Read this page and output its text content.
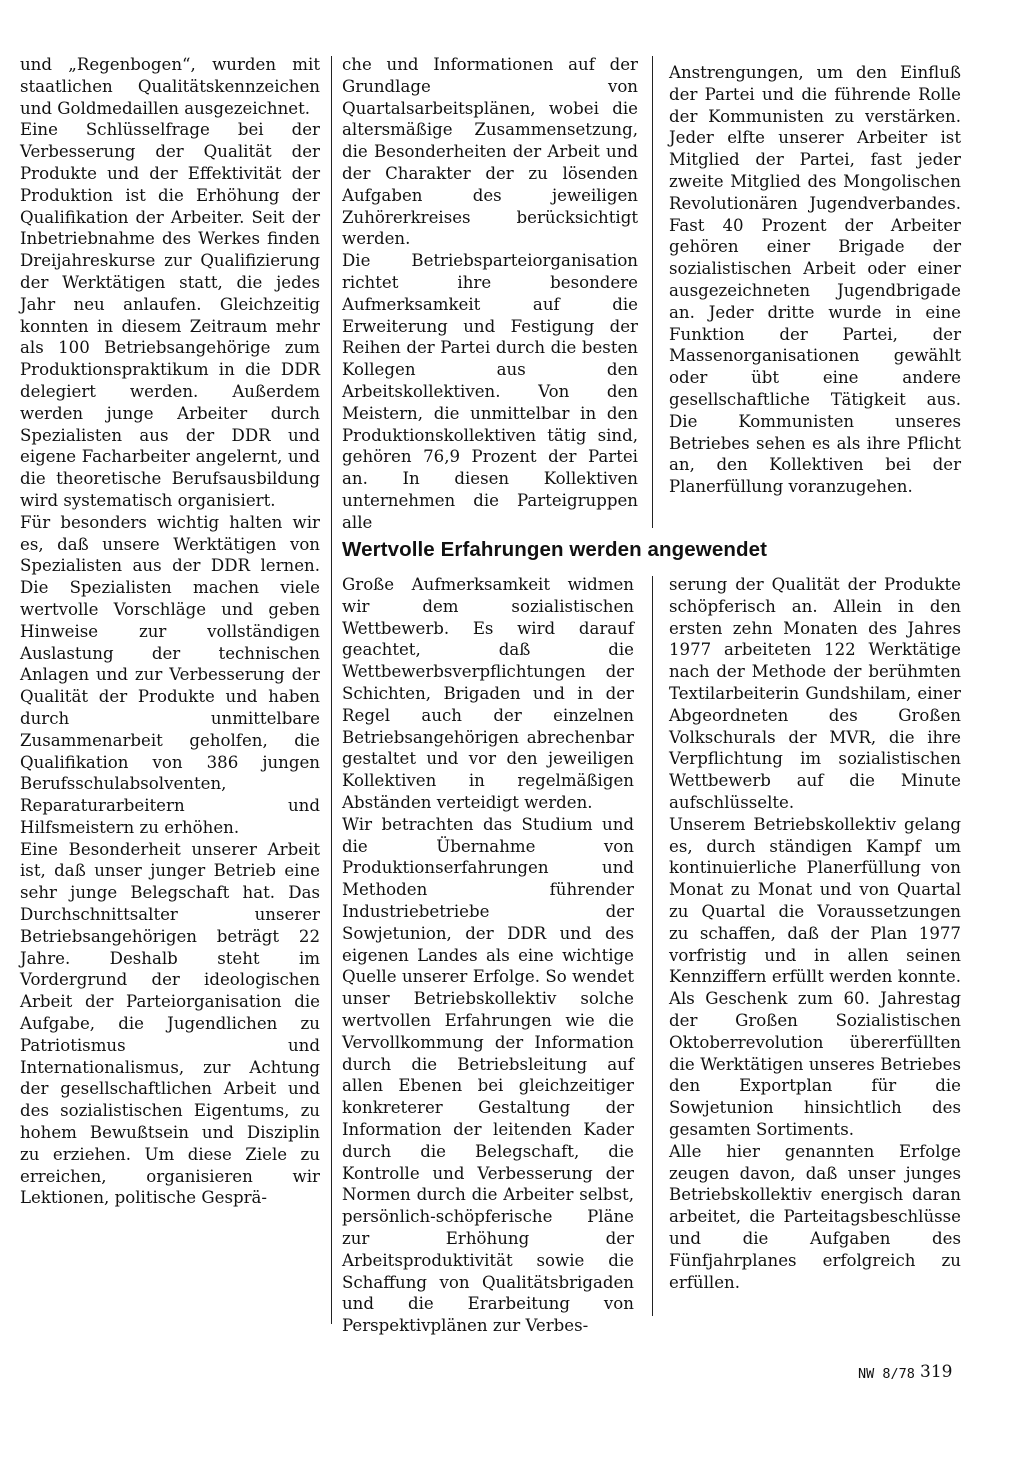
und „Regenbogen“, wurden mit staatlichen Qualitätskennzeichen und Goldmedaillen ausgezeichnet.

Eine Schlüsselfrage bei der Verbesserung der Qualität der Produkte und der Effektivität der Produktion ist die Erhöhung der Qualifikation der Arbeiter. Seit der Inbetriebnahme des Werkes finden Dreijahreskurse zur Qualifizierung der Werktätigen statt, die jedes Jahr neu anlaufen. Gleichzeitig konnten in diesem Zeitraum mehr als 100 Betriebsangehörige zum Produktionspraktikum in die DDR delegiert werden. Außerdem werden junge Arbeiter durch Spezialisten aus der DDR und eigene Facharbeiter angelernt, und die theoretische Berufsausbildung wird systematisch organisiert.

Für besonders wichtig halten wir es, daß unsere Werktätigen von Spezialisten aus der DDR lernen. Die Spezialisten machen viele wertvolle Vorschläge und geben Hinweise zur vollständigen Auslastung der technischen Anlagen und zur Verbesserung der Qualität der Produkte und haben durch unmittelbare Zusammenarbeit geholfen, die Qualifikation von 386 jungen Berufsschulabsolventen, Reparaturarbeitern und Hilfsmeistern zu erhöhen.

Eine Besonderheit unserer Arbeit ist, daß unser junger Betrieb eine sehr junge Belegschaft hat. Das Durchschnittsalter unserer Betriebsangehörigen beträgt 22 Jahre. Deshalb steht im Vordergrund der ideologischen Arbeit der Parteiorganisation die Aufgabe, die Jugendlichen zu Patriotismus und Internationalismus, zur Achtung der gesellschaftlichen Arbeit und des sozialistischen Eigentums, zu hohem Bewußtsein und Disziplin zu erziehen. Um diese Ziele zu erreichen, organisieren wir Lektionen, politische Gesprä-

che und Informationen auf der Grundlage von Quartalsarbeitsplänen, wobei die altersmäßige Zusammensetzung, die Besonderheiten der Arbeit und der Charakter der zu lösenden Aufgaben des jeweiligen Zuhörerkreises berücksichtigt werden.

Die Betriebsparteiorganisation richtet ihre besondere Aufmerksamkeit auf die Erweiterung und Festigung der Reihen der Partei durch die besten Kollegen aus den Arbeitskollektiven. Von den Meistern, die unmittelbar in den Produktionskollektiven tätig sind, gehören 76,9 Prozent der Partei an. In diesen Kollektiven unternehmen die Parteigruppen alle

Anstrengungen, um den Einfluß der Partei und die führende Rolle der Kommunisten zu verstärken. Jeder elfte unserer Arbeiter ist Mitglied der Partei, fast jeder zweite Mitglied des Mongolischen Revolutionären Jugendverbandes. Fast 40 Prozent der Arbeiter gehören einer Brigade der sozialistischen Arbeit oder einer ausgezeichneten Jugendbrigade an. Jeder dritte wurde in eine Funktion der Partei, der Massenorganisationen gewählt oder übt eine andere gesellschaftliche Tätigkeit aus. Die Kommunisten unseres Betriebes sehen es als ihre Pflicht an, den Kollektiven bei der Planerfüllung voranzugehen.

Wertvolle Erfahrungen werden angewendet

Große Aufmerksamkeit widmen wir dem sozialistischen Wettbewerb. Es wird darauf geachtet, daß die Wettbewerbsverpflichtungen der Schichten, Brigaden und in der Regel auch der einzelnen Betriebsangehörigen abrechenbar gestaltet und vor den jeweiligen Kollektiven in regelmäßigen Abständen verteidigt werden.

Wir betrachten das Studium und die Übernahme von Produktionserfahrungen und Methoden führender Industriebetriebe der Sowjetunion, der DDR und des eigenen Landes als eine wichtige Quelle unserer Erfolge. So wendet unser Betriebskollektiv solche wertvollen Erfahrungen wie die Vervollkommung der Information durch die Betriebsleitung auf allen Ebenen bei gleichzeitiger konkreterer Gestaltung der Information der leitenden Kader durch die Belegschaft, die Kontrolle und Verbesserung der Normen durch die Arbeiter selbst, persönlich-schöpferische Pläne zur Erhöhung der Arbeitsproduktivität sowie die Schaffung von Qualitätsbrigaden und die Erarbeitung von Perspektivplänen zur Verbes-

serung der Qualität der Produkte schöpferisch an. Allein in den ersten zehn Monaten des Jahres 1977 arbeiteten 122 Werktätige nach der Methode der berühmten Textilarbeiterin Gundshilam, einer Abgeordneten des Großen Volkschurals der MVR, die ihre Verpflichtung im sozialistischen Wettbewerb auf die Minute aufschlüsselte.

Unserem Betriebskollektiv gelang es, durch ständigen Kampf um kontinuierliche Planerfüllung von Monat zu Monat und von Quartal zu Quartal die Voraussetzungen zu schaffen, daß der Plan 1977 vorfristig und in allen seinen Kennziffern erfüllt werden konnte. Als Geschenk zum 60. Jahrestag der Großen Sozialistischen Oktoberrevolution übererfüllten die Werktätigen unseres Betriebes den Exportplan für die Sowjetunion hinsichtlich des gesamten Sortiments.

Alle hier genannten Erfolge zeugen davon, daß unser junges Betriebskollektiv energisch daran arbeitet, die Parteitagsbeschlüsse und die Aufgaben des Fünfjahrplanes erfolgreich zu erfüllen.

NW 8/78 319
